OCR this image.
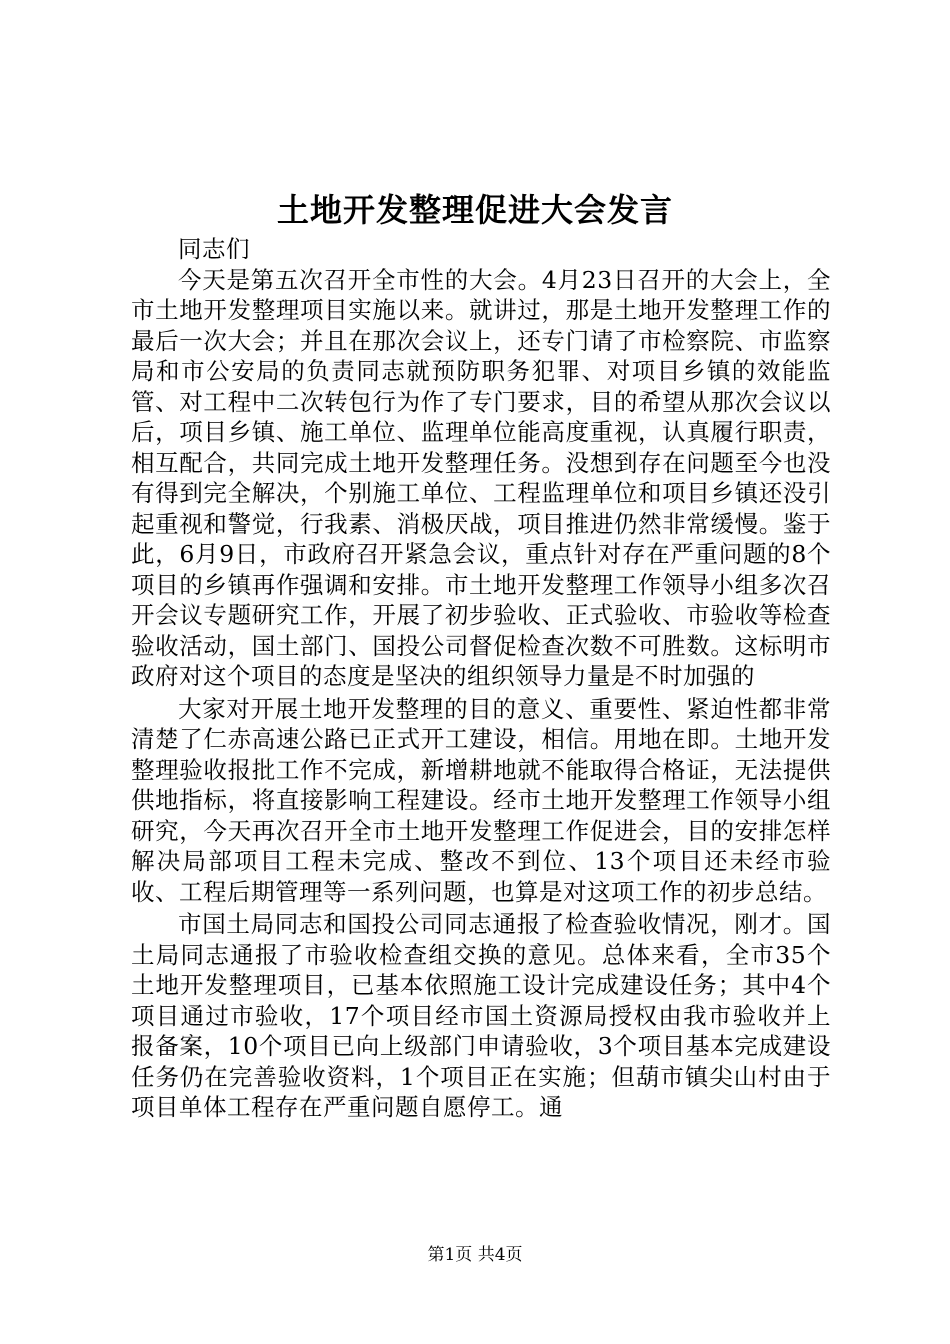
土地开发整理促进大会发言

同志们

今天是第五次召开全市性的大会。4月23日召开的大会上，全市土地开发整理项目实施以来。就讲过，那是土地开发整理工作的最后一次大会；并且在那次会议上，还专门请了市检察院、市监察局和市公安局的负责同志就预防职务犯罪、对项目乡镇的效能监管、对工程中二次转包行为作了专门要求，目的希望从那次会议以后，项目乡镇、施工单位、监理单位能高度重视，认真履行职责，相互配合，共同完成土地开发整理任务。没想到存在问题至今也没有得到完全解决，个别施工单位、工程监理单位和项目乡镇还没引起重视和警觉，行我素、消极厌战，项目推进仍然非常缓慢。鉴于此，6月9日，市政府召开紧急会议，重点针对存在严重问题的8个项目的乡镇再作强调和安排。市土地开发整理工作领导小组多次召开会议专题研究工作，开展了初步验收、正式验收、市验收等检查验收活动，国土部门、国投公司督促检查次数不可胜数。这标明市政府对这个项目的态度是坚决的组织领导力量是不时加强的

大家对开展土地开发整理的目的意义、重要性、紧迫性都非常清楚了仁赤高速公路已正式开工建设，相信。用地在即。土地开发整理验收报批工作不完成，新增耕地就不能取得合格证，无法提供供地指标，将直接影响工程建设。经市土地开发整理工作领导小组研究，今天再次召开全市土地开发整理工作促进会，目的安排怎样解决局部项目工程未完成、整改不到位、13个项目还未经市验收、工程后期管理等一系列问题，也算是对这项工作的初步总结。

市国土局同志和国投公司同志通报了检查验收情况，刚才。国土局同志通报了市验收检查组交换的意见。总体来看，全市35个土地开发整理项目，已基本依照施工设计完成建设任务；其中4个项目通过市验收，17个项目经市国土资源局授权由我市验收并上报备案，10个项目已向上级部门申请验收，3个项目基本完成建设任务仍在完善验收资料，1个项目正在实施；但葫市镇尖山村由于项目单体工程存在严重问题自愿停工。通

第1页 共4页
